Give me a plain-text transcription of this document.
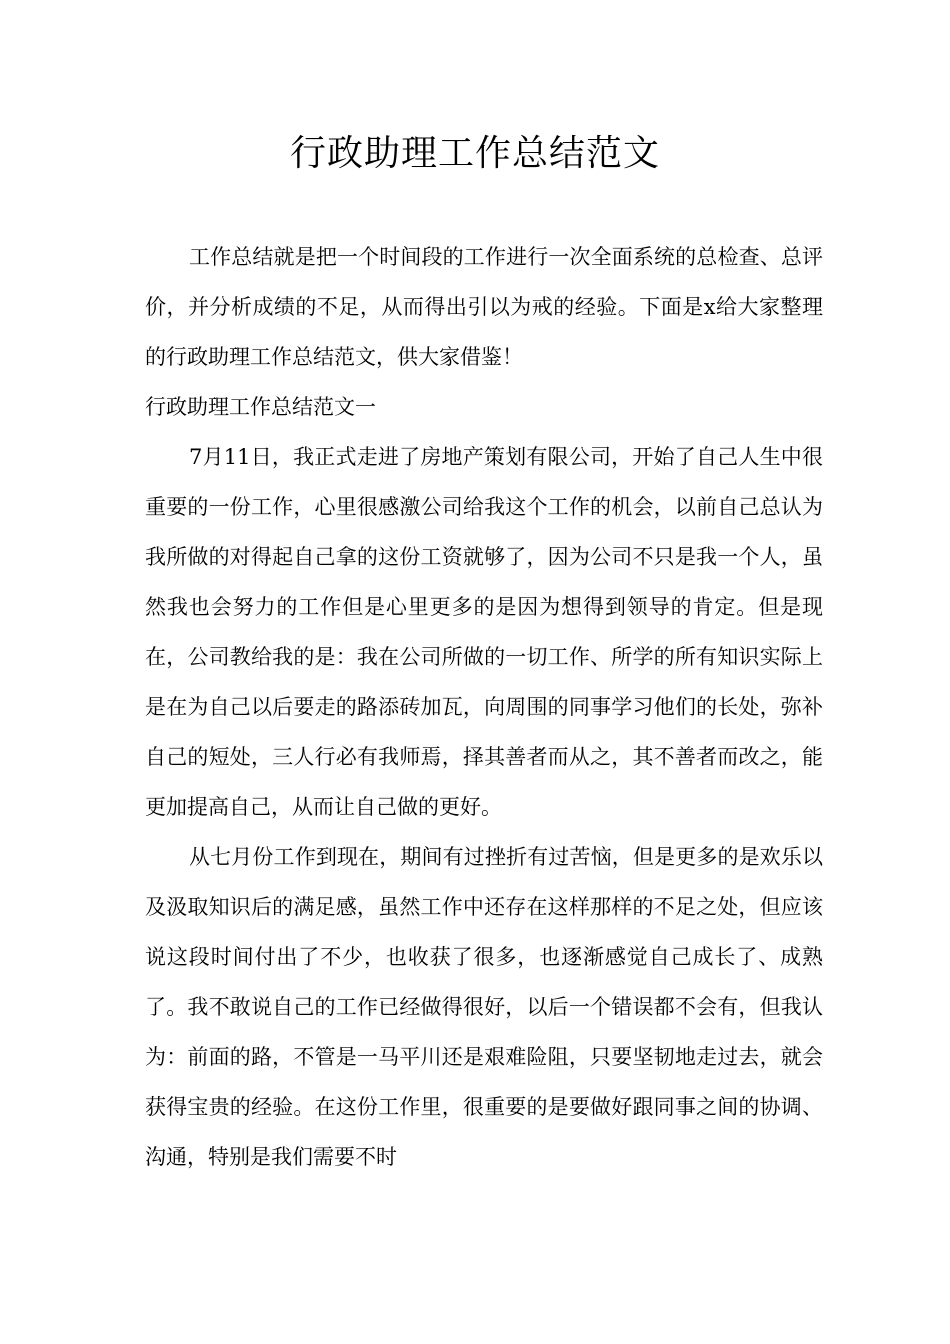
行政助理工作总结范文

工作总结就是把一个时间段的工作进行一次全面系统的总检查、总评价，并分析成绩的不足，从而得出引以为戒的经验。下面是x给大家整理的行政助理工作总结范文，供大家借鉴！

行政助理工作总结范文一

7月11日，我正式走进了房地产策划有限公司，开始了自己人生中很重要的一份工作，心里很感激公司给我这个工作的机会，以前自己总认为我所做的对得起自己拿的这份工资就够了，因为公司不只是我一个人，虽然我也会努力的工作但是心里更多的是因为想得到领导的肯定。但是现在，公司教给我的是：我在公司所做的一切工作、所学的所有知识实际上是在为自己以后要走的路添砖加瓦，向周围的同事学习他们的长处，弥补自己的短处，三人行必有我师焉，择其善者而从之，其不善者而改之，能更加提高自己，从而让自己做的更好。

从七月份工作到现在，期间有过挫折有过苦恼，但是更多的是欢乐以及汲取知识后的满足感，虽然工作中还存在这样那样的不足之处，但应该说这段时间付出了不少，也收获了很多，也逐渐感觉自己成长了、成熟了。我不敢说自己的工作已经做得很好，以后一个错误都不会有，但我认为：前面的路，不管是一马平川还是艰难险阻，只要坚韧地走过去，就会获得宝贵的经验。在这份工作里，很重要的是要做好跟同事之间的协调、沟通，特别是我们需要不时
